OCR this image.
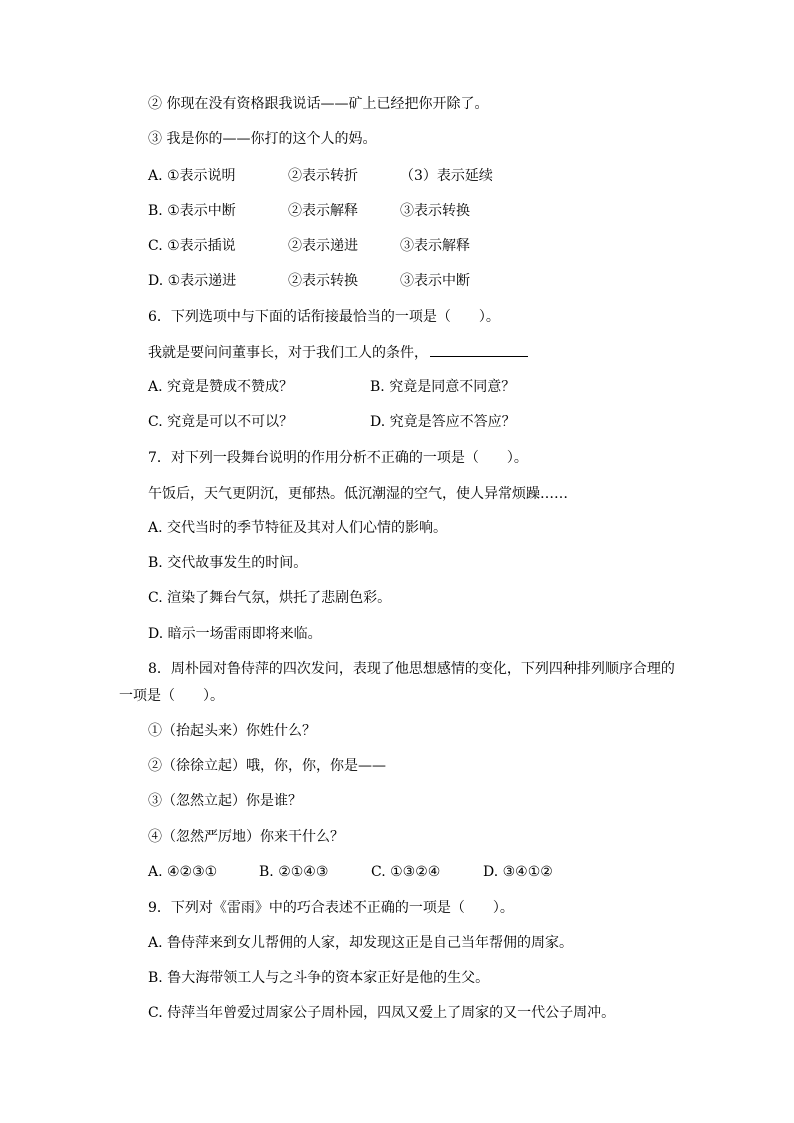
② 你现在没有资格跟我说话——矿上已经把你开除了。
③ 我是你的——你打的这个人的妈。
A. ①表示说明	②表示转折	（3）表示延续
B. ①表示中断	②表示解释	③表示转换
C. ①表示插说	②表示递进	③表示解释
D. ①表示递进	②表示转换	③表示中断
6．下列选项中与下面的话衔接最恰当的一项是（　　）。
我就是要问问董事长，对于我们工人的条件，
A. 究竟是赞成不赞成？	B. 究竟是同意不同意？
C. 究竟是可以不可以？	D. 究竟是答应不答应？
7．对下列一段舞台说明的作用分析不正确的一项是（　　）。
午饭后，天气更阴沉，更郁热。低沉潮湿的空气，使人异常烦躁……
A. 交代当时的季节特征及其对人们心情的影响。
B. 交代故事发生的时间。
C. 渲染了舞台气氛，烘托了悲剧色彩。
D. 暗示一场雷雨即将来临。
8．周朴园对鲁侍萍的四次发问，表现了他思想感情的变化，下列四种排列顺序合理的
一项是（　　）。
①（抬起头来）你姓什么？
②（徐徐立起）哦，你，你，你是——
③（忽然立起）你是谁？
④（忽然严厉地）你来干什么？
A. ④②③①	B. ②①④③	C. ①③②④	D. ③④①②
9．下列对《雷雨》中的巧合表述不正确的一项是（　　）。
A. 鲁侍萍来到女儿帮佣的人家，却发现这正是自己当年帮佣的周家。
B. 鲁大海带领工人与之斗争的资本家正好是他的生父。
C. 侍萍当年曾爱过周家公子周朴园，四凤又爱上了周家的又一代公子周冲。
